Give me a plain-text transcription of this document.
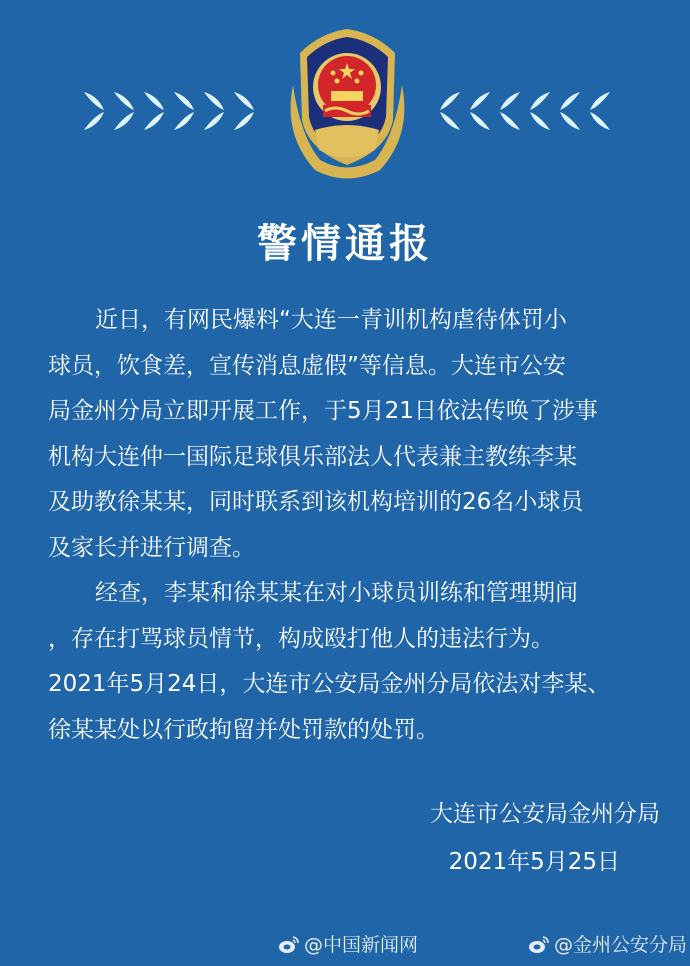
警情通报

近日，有网民爆料“大连一青训机构虐待体罚小
球员，饮食差，宣传消息虚假”等信息。大连市公安
局金州分局立即开展工作，于5月21日依法传唤了涉事
机构大连仲一国际足球俱乐部法人代表兼主教练李某
及助教徐某某，同时联系到该机构培训的26名小球员
及家长并进行调查。

经查，李某和徐某某在对小球员训练和管理期间
，存在打骂球员情节，构成殴打他人的违法行为。
2021年5月24日，大连市公安局金州分局依法对李某、
徐某某处以行政拘留并处罚款的处罚。

大连市公安局金州分局
2021年5月25日
@中国新闻网	@金州公安分局
